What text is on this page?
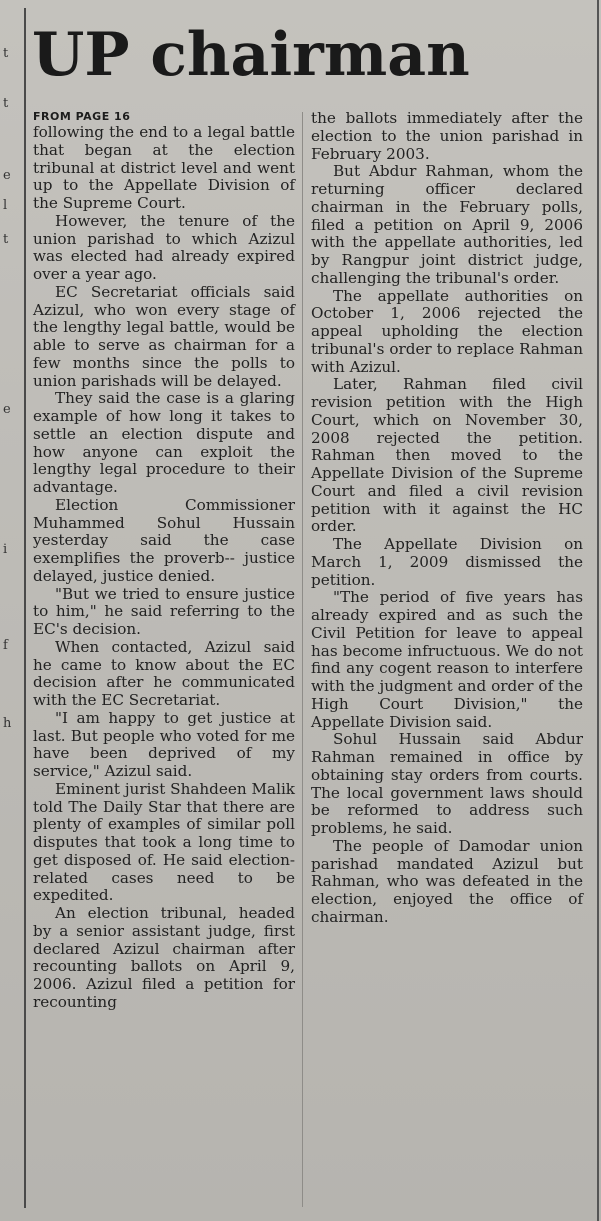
t
t
e
l
t
e
i
f
h
UP chairman
FROM PAGE 16

following the end to a legal battle that began at the election tribunal at district level and went up to the Appellate Division of the Supreme Court.

However, the tenure of the union parishad to which Azizul was elected had already expired over a year ago.

EC Secretariat officials said Azizul, who won every stage of the lengthy legal battle, would be able to serve as chairman for a few months since the polls to union parishads will be delayed.

They said the case is a glaring example of how long it takes to settle an election dispute and how anyone can exploit the lengthy legal procedure to their advantage.

Election Commissioner Muhammed Sohul Hussain yesterday said the case exemplifies the proverb-- justice delayed, justice denied.

"But we tried to ensure justice to him," he said referring to the EC's decision.

When contacted, Azizul said he came to know about the EC decision after he communicated with the EC Secretariat.

"I am happy to get justice at last. But people who voted for me have been deprived of my service," Azizul said.

Eminent jurist Shahdeen Malik told The Daily Star that there are plenty of examples of similar poll disputes that took a long time to get disposed of. He said election-related cases need to be expedited.

An election tribunal, headed by a senior assistant judge, first declared Azizul chairman after recounting ballots on April 9, 2006. Azizul filed a petition for recounting

the ballots immediately after the election to the union parishad in February 2003.

But Abdur Rahman, whom the returning officer declared chairman in the February polls, filed a petition on April 9, 2006 with the appellate authorities, led by Rangpur joint district judge, challenging the tribunal's order.

The appellate authorities on October 1, 2006 rejected the appeal upholding the election tribunal's order to replace Rahman with Azizul.

Later, Rahman filed civil revision petition with the High Court, which on November 30, 2008 rejected the petition. Rahman then moved to the Appellate Division of the Supreme Court and filed a civil revision petition with it against the HC order.

The Appellate Division on March 1, 2009 dismissed the petition.

"The period of five years has already expired and as such the Civil Petition for leave to appeal has become infructuous. We do not find any cogent reason to interfere with the judgment and order of the High Court Division," the Appellate Division said.

Sohul Hussain said Abdur Rahman remained in office by obtaining stay orders from courts. The local government laws should be reformed to address such problems, he said.

The people of Damodar union parishad mandated Azizul but Rahman, who was defeated in the election, enjoyed the office of chairman.
